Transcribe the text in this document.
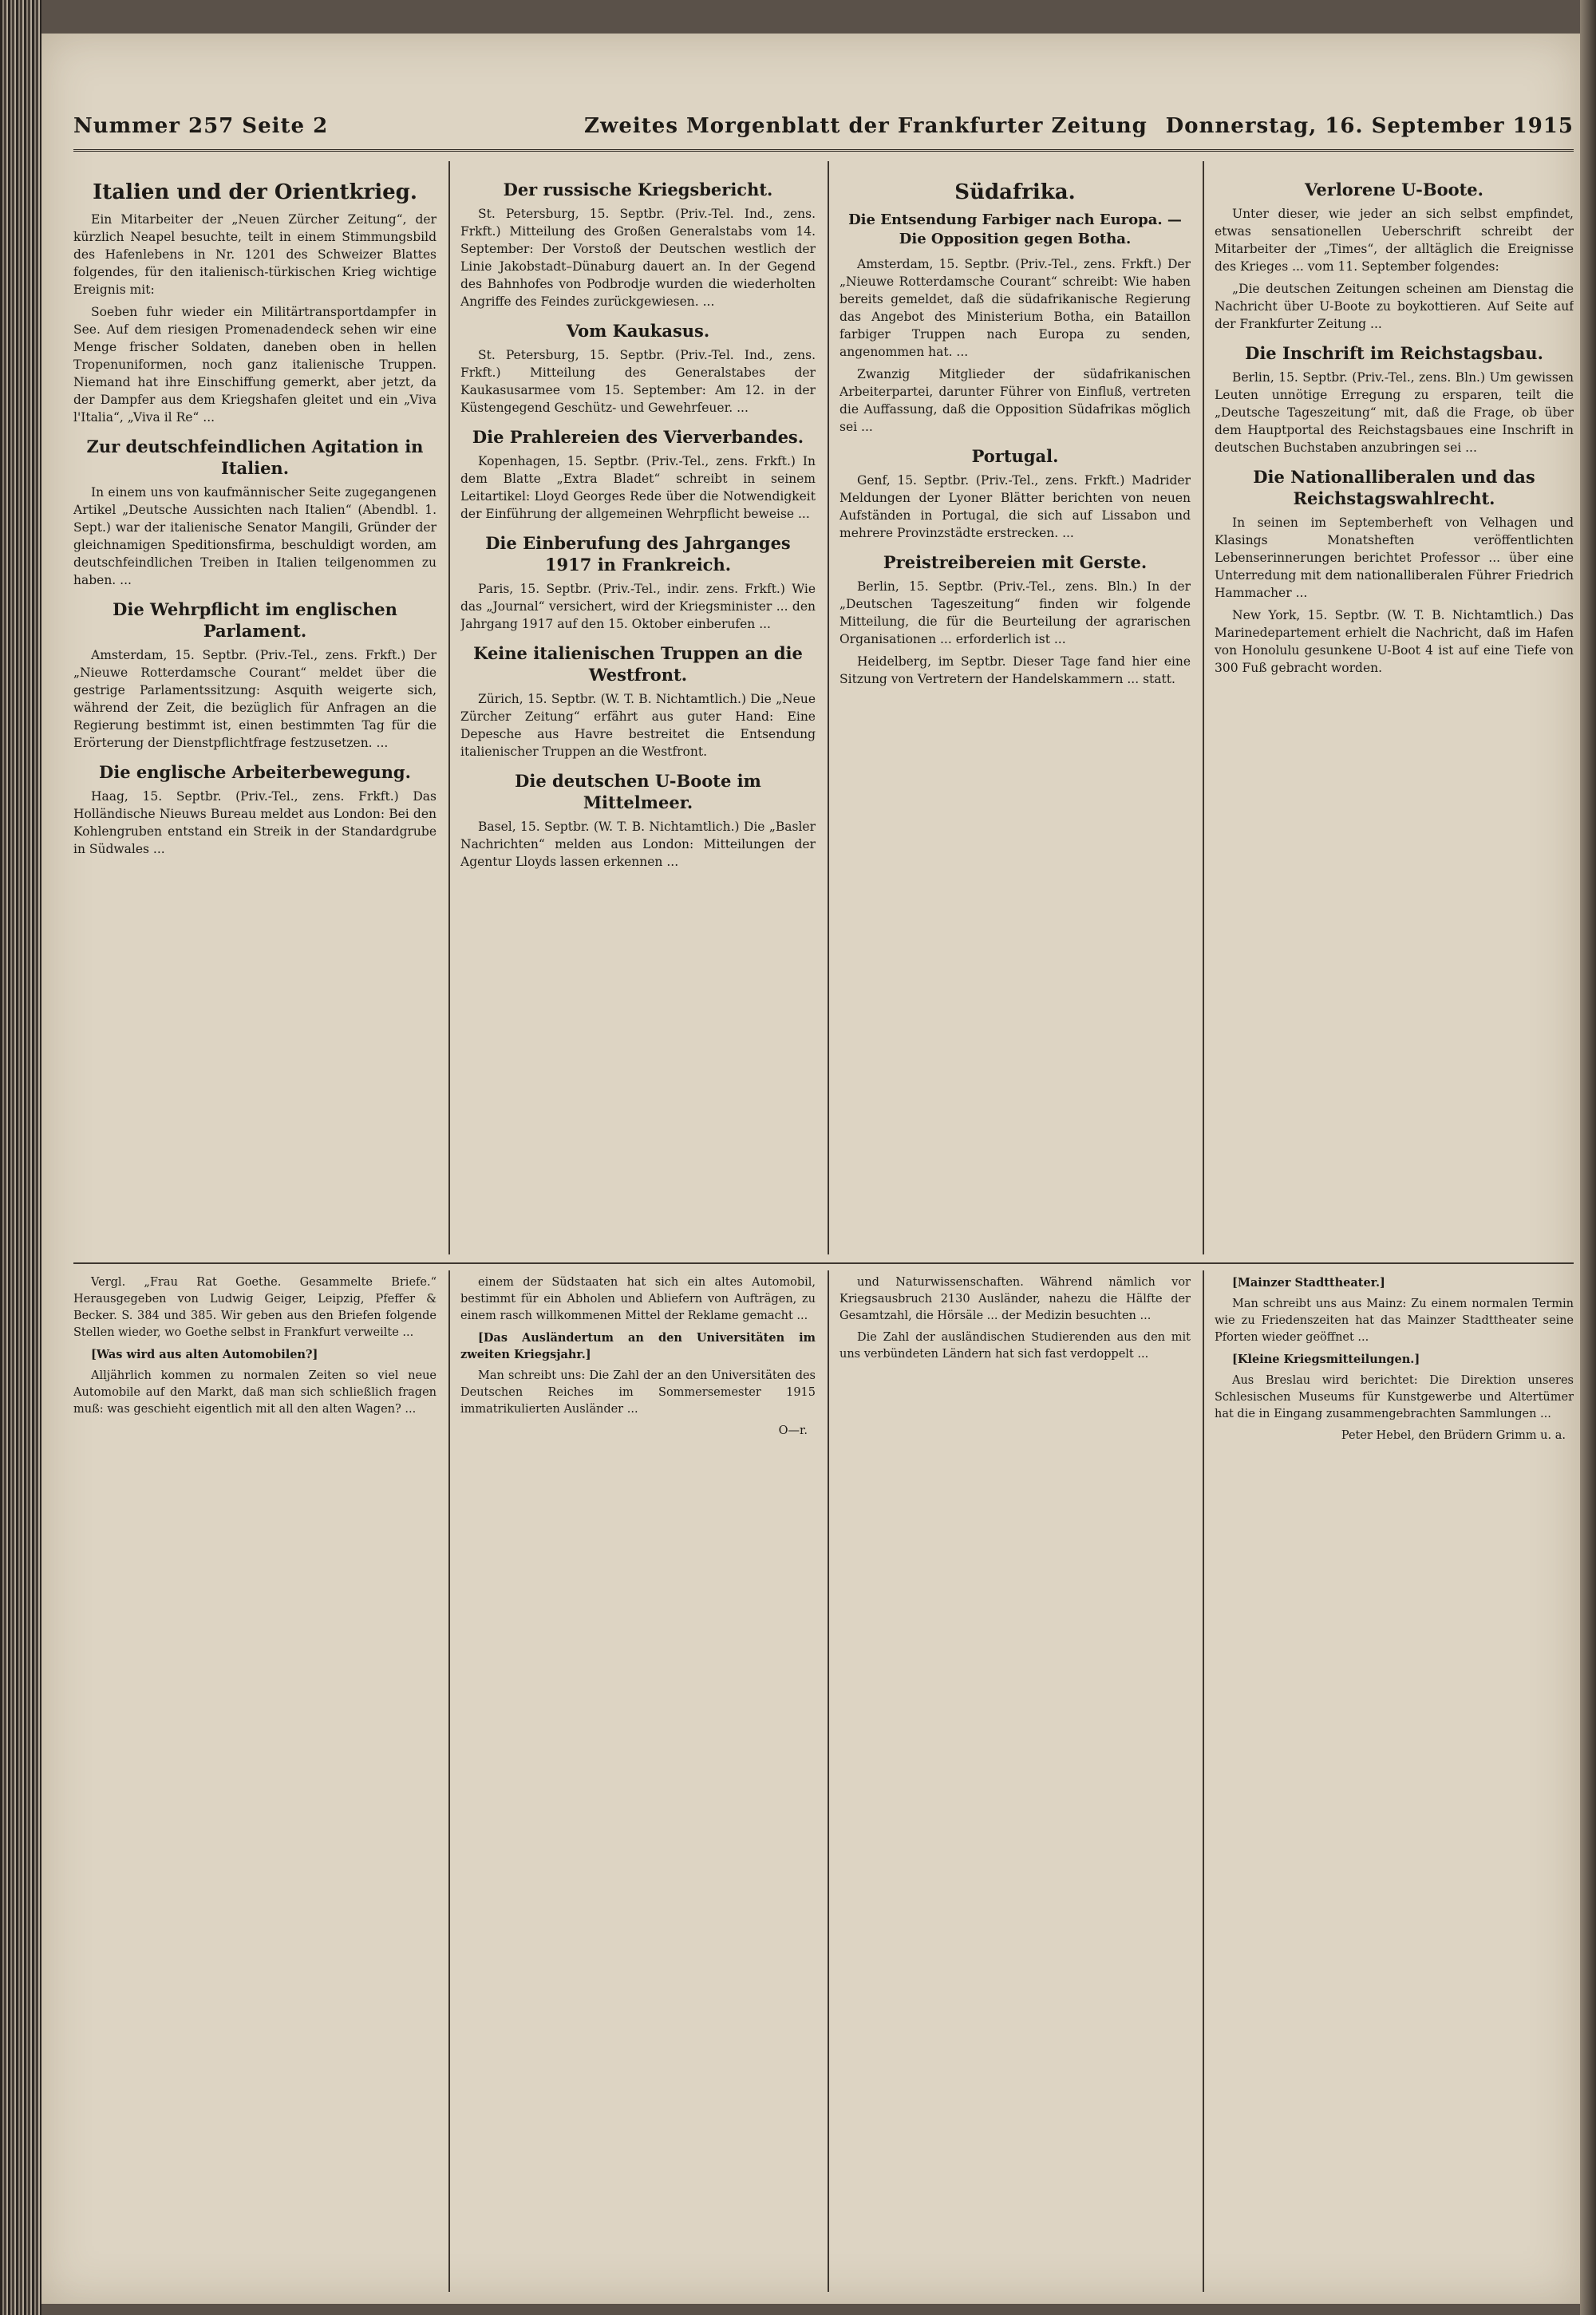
Nummer 257 Seite 2	Zweites Morgenblatt der Frankfurter Zeitung Donnerstag, 16. September 1915
Italien und der Orientkrieg.

Ein Mitarbeiter der „Neuen Zürcher Zeitung“, der kürzlich Neapel besuchte, teilt in einem Stimmungsbild des Hafenlebens in Nr. 1201 des Schweizer Blattes folgendes, für den italienisch-türkischen Krieg wichtige Ereignis mit:

Soeben fuhr wieder ein Militärtransportdampfer in See. Auf dem riesigen Promenadendeck sehen wir eine Menge frischer Soldaten, daneben oben in hellen Tropenuniformen, noch ganz italienische Truppen. Niemand hat ihre Einschiffung gemerkt, aber jetzt, da der Dampfer aus dem Kriegshafen gleitet und ein „Viva l'Italia“, „Viva il Re“ ...

Zur deutschfeindlichen Agitation in Italien.

In einem uns von kaufmännischer Seite zugegangenen Artikel „Deutsche Aussichten nach Italien“ (Abendbl. 1. Sept.) war der italienische Senator Mangili, Gründer der gleichnamigen Speditionsfirma, beschuldigt worden, am deutschfeindlichen Treiben in Italien teilgenommen zu haben. ...

Die Wehrpflicht im englischen Parlament.

Amsterdam, 15. Septbr. (Priv.-Tel., zens. Frkft.) Der „Nieuwe Rotterdamsche Courant“ meldet über die gestrige Parlamentssitzung: Asquith weigerte sich, während der Zeit, die bezüglich für Anfragen an die Regierung bestimmt ist, einen bestimmten Tag für die Erörterung der Dienstpflichtfrage festzusetzen. ...

Die englische Arbeiterbewegung.

Haag, 15. Septbr. (Priv.-Tel., zens. Frkft.) Das Holländische Nieuws Bureau meldet aus London: Bei den Kohlengruben entstand ein Streik in der Standardgrube in Südwales ...

Der russische Kriegsbericht.

St. Petersburg, 15. Septbr. (Priv.-Tel. Ind., zens. Frkft.) Mitteilung des Großen Generalstabs vom 14. September: Der Vorstoß der Deutschen westlich der Linie Jakobstadt–Dünaburg dauert an. In der Gegend des Bahnhofes von Podbrodje wurden die wiederholten Angriffe des Feindes zurückgewiesen. ...

Vom Kaukasus.

St. Petersburg, 15. Septbr. (Priv.-Tel. Ind., zens. Frkft.) Mitteilung des Generalstabes der Kaukasusarmee vom 15. September: Am 12. in der Küstengegend Geschütz- und Gewehrfeuer. ...

Die Prahlereien des Vierverbandes.

Kopenhagen, 15. Septbr. (Priv.-Tel., zens. Frkft.) In dem Blatte „Extra Bladet“ schreibt in seinem Leitartikel: Lloyd Georges Rede über die Notwendigkeit der Einführung der allgemeinen Wehrpflicht beweise ...

Die Einberufung des Jahrganges 1917 in Frankreich.

Paris, 15. Septbr. (Priv.-Tel., indir. zens. Frkft.) Wie das „Journal“ versichert, wird der Kriegsminister ... den Jahrgang 1917 auf den 15. Oktober einberufen ...

Keine italienischen Truppen an die Westfront.

Zürich, 15. Septbr. (W. T. B. Nichtamtlich.) Die „Neue Zürcher Zeitung“ erfährt aus guter Hand: Eine Depesche aus Havre bestreitet die Entsendung italienischer Truppen an die Westfront.

Die deutschen U-Boote im Mittelmeer.

Basel, 15. Septbr. (W. T. B. Nichtamtlich.) Die „Basler Nachrichten“ melden aus London: Mitteilungen der Agentur Lloyds lassen erkennen ...

Südafrika.
Die Entsendung Farbiger nach Europa. — Die Opposition gegen Botha.

Amsterdam, 15. Septbr. (Priv.-Tel., zens. Frkft.) Der „Nieuwe Rotterdamsche Courant“ schreibt: Wie haben bereits gemeldet, daß die südafrikanische Regierung das Angebot des Ministerium Botha, ein Bataillon farbiger Truppen nach Europa zu senden, angenommen hat. ...

Zwanzig Mitglieder der südafrikanischen Arbeiterpartei, darunter Führer von Einfluß, vertreten die Auffassung, daß die Opposition Südafrikas möglich sei ...

Portugal.

Genf, 15. Septbr. (Priv.-Tel., zens. Frkft.) Madrider Meldungen der Lyoner Blätter berichten von neuen Aufständen in Portugal, die sich auf Lissabon und mehrere Provinzstädte erstrecken. ...

Preistreibereien mit Gerste.

Berlin, 15. Septbr. (Priv.-Tel., zens. Bln.) In der „Deutschen Tageszeitung“ finden wir folgende Mitteilung, die für die Beurteilung der agrarischen Organisationen ... erforderlich ist ...

Heidelberg, im Septbr. Dieser Tage fand hier eine Sitzung von Vertretern der Handelskammern ... statt.

Verlorene U-Boote.

Unter dieser, wie jeder an sich selbst empfindet, etwas sensationellen Ueberschrift schreibt der Mitarbeiter der „Times“, der alltäglich die Ereignisse des Krieges ... vom 11. September folgendes:

„Die deutschen Zeitungen scheinen am Dienstag die Nachricht über U-Boote zu boykottieren. Auf Seite auf der Frankfurter Zeitung ...

Die Inschrift im Reichstagsbau.

Berlin, 15. Septbr. (Priv.-Tel., zens. Bln.) Um gewissen Leuten unnötige Erregung zu ersparen, teilt die „Deutsche Tageszeitung“ mit, daß die Frage, ob über dem Hauptportal des Reichstagsbaues eine Inschrift in deutschen Buchstaben anzubringen sei ...

Die Nationalliberalen und das Reichstagswahlrecht.

In seinen im Septemberheft von Velhagen und Klasings Monatsheften veröffentlichten Lebenserinnerungen berichtet Professor ... über eine Unterredung mit dem nationalliberalen Führer Friedrich Hammacher ...

New York, 15. Septbr. (W. T. B. Nichtamtlich.) Das Marinedepartement erhielt die Nachricht, daß im Hafen von Honolulu gesunkene U-Boot 4 ist auf eine Tiefe von 300 Fuß gebracht worden.

Vergl. „Frau Rat Goethe. Gesammelte Briefe.“ Herausgegeben von Ludwig Geiger, Leipzig, Pfeffer & Becker. S. 384 und 385. Wir geben aus den Briefen folgende Stellen wieder, wo Goethe selbst in Frankfurt verweilte ...

[Was wird aus alten Automobilen?]

Alljährlich kommen zu normalen Zeiten so viel neue Automobile auf den Markt, daß man sich schließlich fragen muß: was geschieht eigentlich mit all den alten Wagen? ...

einem der Südstaaten hat sich ein altes Automobil, bestimmt für ein Abholen und Abliefern von Aufträgen, zu einem rasch willkommenen Mittel der Reklame gemacht ...

[Das Ausländertum an den Universitäten im zweiten Kriegsjahr.]

Man schreibt uns: Die Zahl der an den Universitäten des Deutschen Reiches im Sommersemester 1915 immatrikulierten Ausländer ...

O—r.

und Naturwissenschaften. Während nämlich vor Kriegsausbruch 2130 Ausländer, nahezu die Hälfte der Gesamtzahl, die Hörsäle ... der Medizin besuchten ...

Die Zahl der ausländischen Studierenden aus den mit uns verbündeten Ländern hat sich fast verdoppelt ...

[Mainzer Stadttheater.]

Man schreibt uns aus Mainz: Zu einem normalen Termin wie zu Friedenszeiten hat das Mainzer Stadttheater seine Pforten wieder geöffnet ...

[Kleine Kriegsmitteilungen.]

Aus Breslau wird berichtet: Die Direktion unseres Schlesischen Museums für Kunstgewerbe und Altertümer hat die in Eingang zusammengebrachten Sammlungen ...

Peter Hebel, den Brüdern Grimm u. a.
